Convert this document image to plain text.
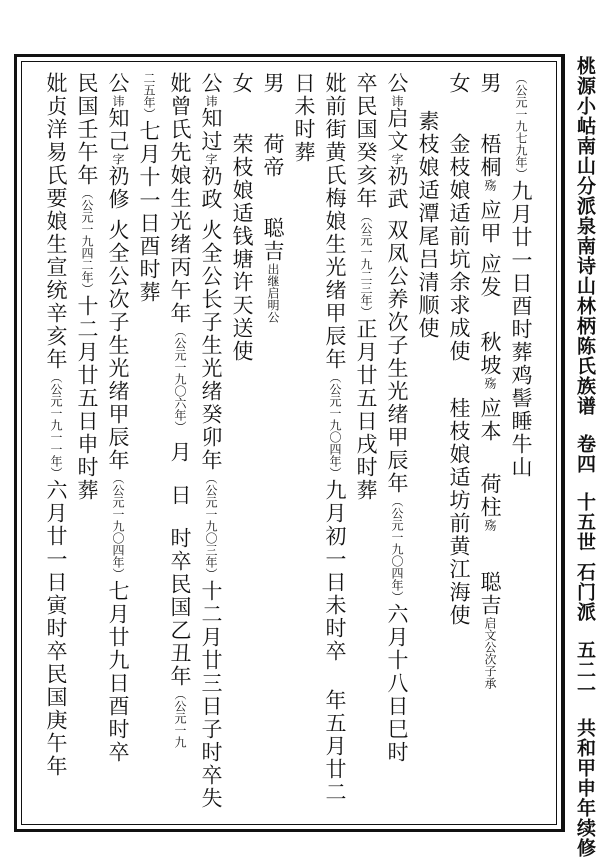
桃源小岵南山分派泉南诗山林柄陈氏族谱卷四十五世石门派五二一共和甲申年续修
（公元一九七九年）九月廿一日酉时葬鸡髻睡牛山
男梧桐殇应甲应发秋坡殇应本荷柱殇聪吉启文公次子承
女金枝娘适前坑余求成使桂枝娘适坊前黄江海使
素枝娘适潭尾吕清顺使
公讳启文字礽武双凤公养次子生光绪甲辰年（公元一九〇四年）六月十八日巳时
卒民国癸亥年（公元一九二三年）正月廿五日戌时葬
妣前街黄氏梅娘生光绪甲辰年（公元一九〇四年）九月初一日未时卒年五月廿二
日未时葬
男荷帝聪吉出继启明公
女荣枝娘适钱塘许天送使
公讳知过字礽政火全公长子生光绪癸卯年（公元一九〇三年）十二月廿三日子时卒失
妣曾氏先娘生光绪丙午年（公元一九〇六年）月日时卒民国乙丑年（公元一九
二五年）七月十一日酉时葬
公讳知己字礽修火全公次子生光绪甲辰年（公元一九〇四年）七月廿九日酉时卒
民国壬午年（公元一九四二年）十二月廿五日申时葬
妣贞洋易氏要娘生宣统辛亥年（公元一九一一年）六月廿一日寅时卒民国庚午年
